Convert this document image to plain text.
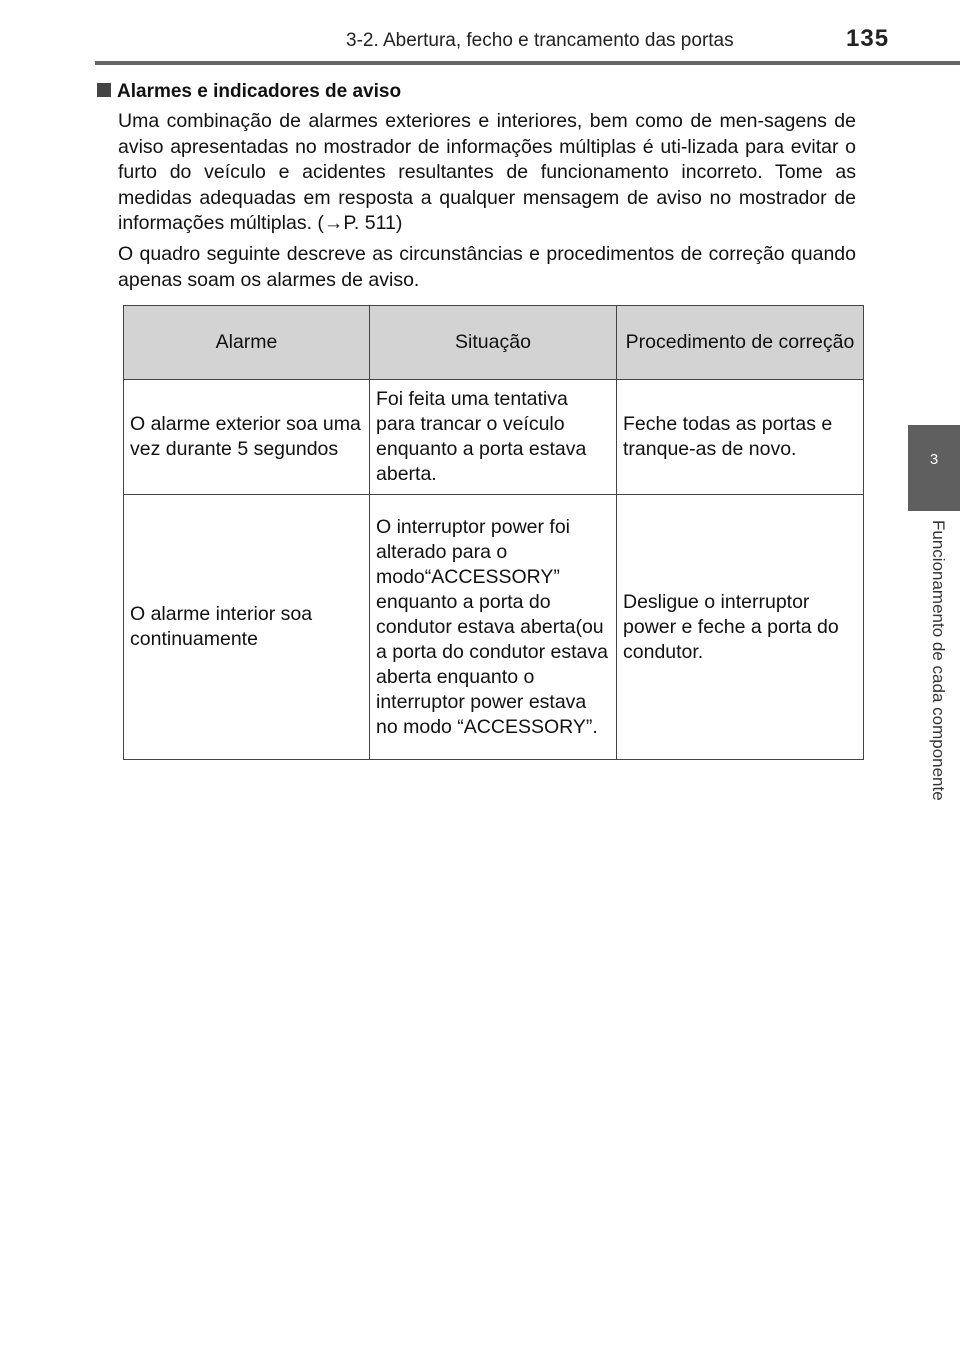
3-2. Abertura, fecho e trancamento das portas	135
3
Funcionamento de cada componente
Alarmes e indicadores de aviso

Uma combinação de alarmes exteriores e interiores, bem como de men-sagens de aviso apresentadas no mostrador de informações múltiplas é uti-lizada para evitar o furto do veículo e acidentes resultantes de funcionamento incorreto. Tome as medidas adequadas em resposta a qualquer mensagem de aviso no mostrador de informações múltiplas. (→P. 511)

O quadro seguinte descreve as circunstâncias e procedimentos de correção quando apenas soam os alarmes de aviso.

Alarme	Situação	Procedimento de correção
O alarme exterior soa uma vez durante 5 segundos	Foi feita uma tentativa para trancar o veículo enquanto a porta estava aberta.	Feche todas as portas e tranque-as de novo.
O alarme interior soa continuamente	O interruptor power foi alterado para o modo“ACCESSORY” enquanto a porta do condutor estava aberta(ou a porta do condutor estava aberta enquanto o interruptor power estava no modo “ACCESSORY”.	Desligue o interruptor power e feche a porta do condutor.
